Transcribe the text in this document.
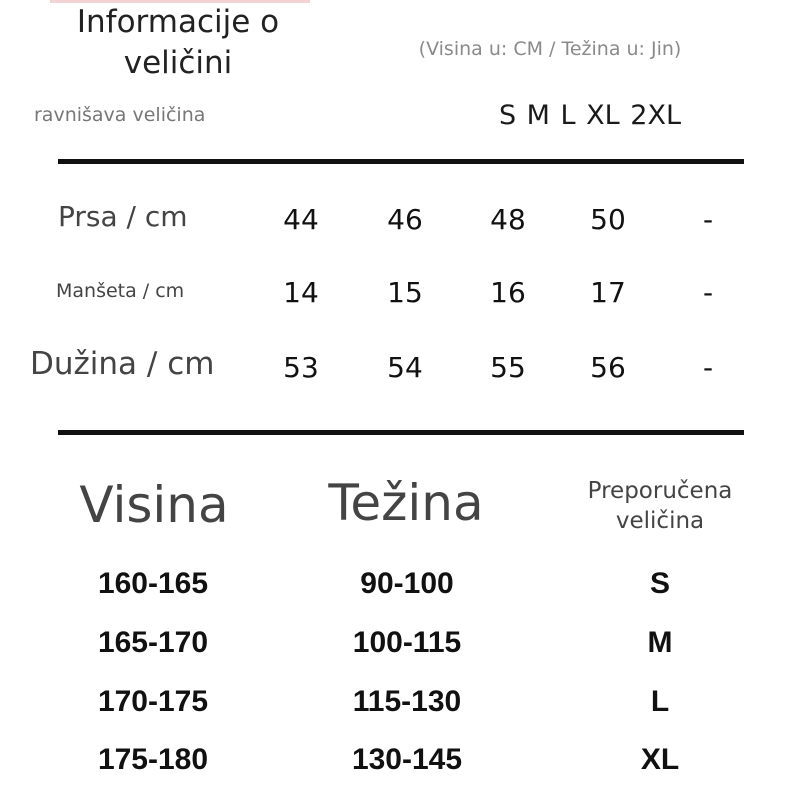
Informacije o veličini	(Visina u: CM / Težina u: Jin)
ravnišava veličina	S M L XL 2XL
Prsa / cm	44	46	48	50	-
Manšeta / cm	14	15	16	17	-
Dužina / cm	53	54	55	56	-
Visina	Težina	Preporučena veličina
160-165	90-100	S
165-170	100-115	M
170-175	115-130	L
175-180	130-145	XL
